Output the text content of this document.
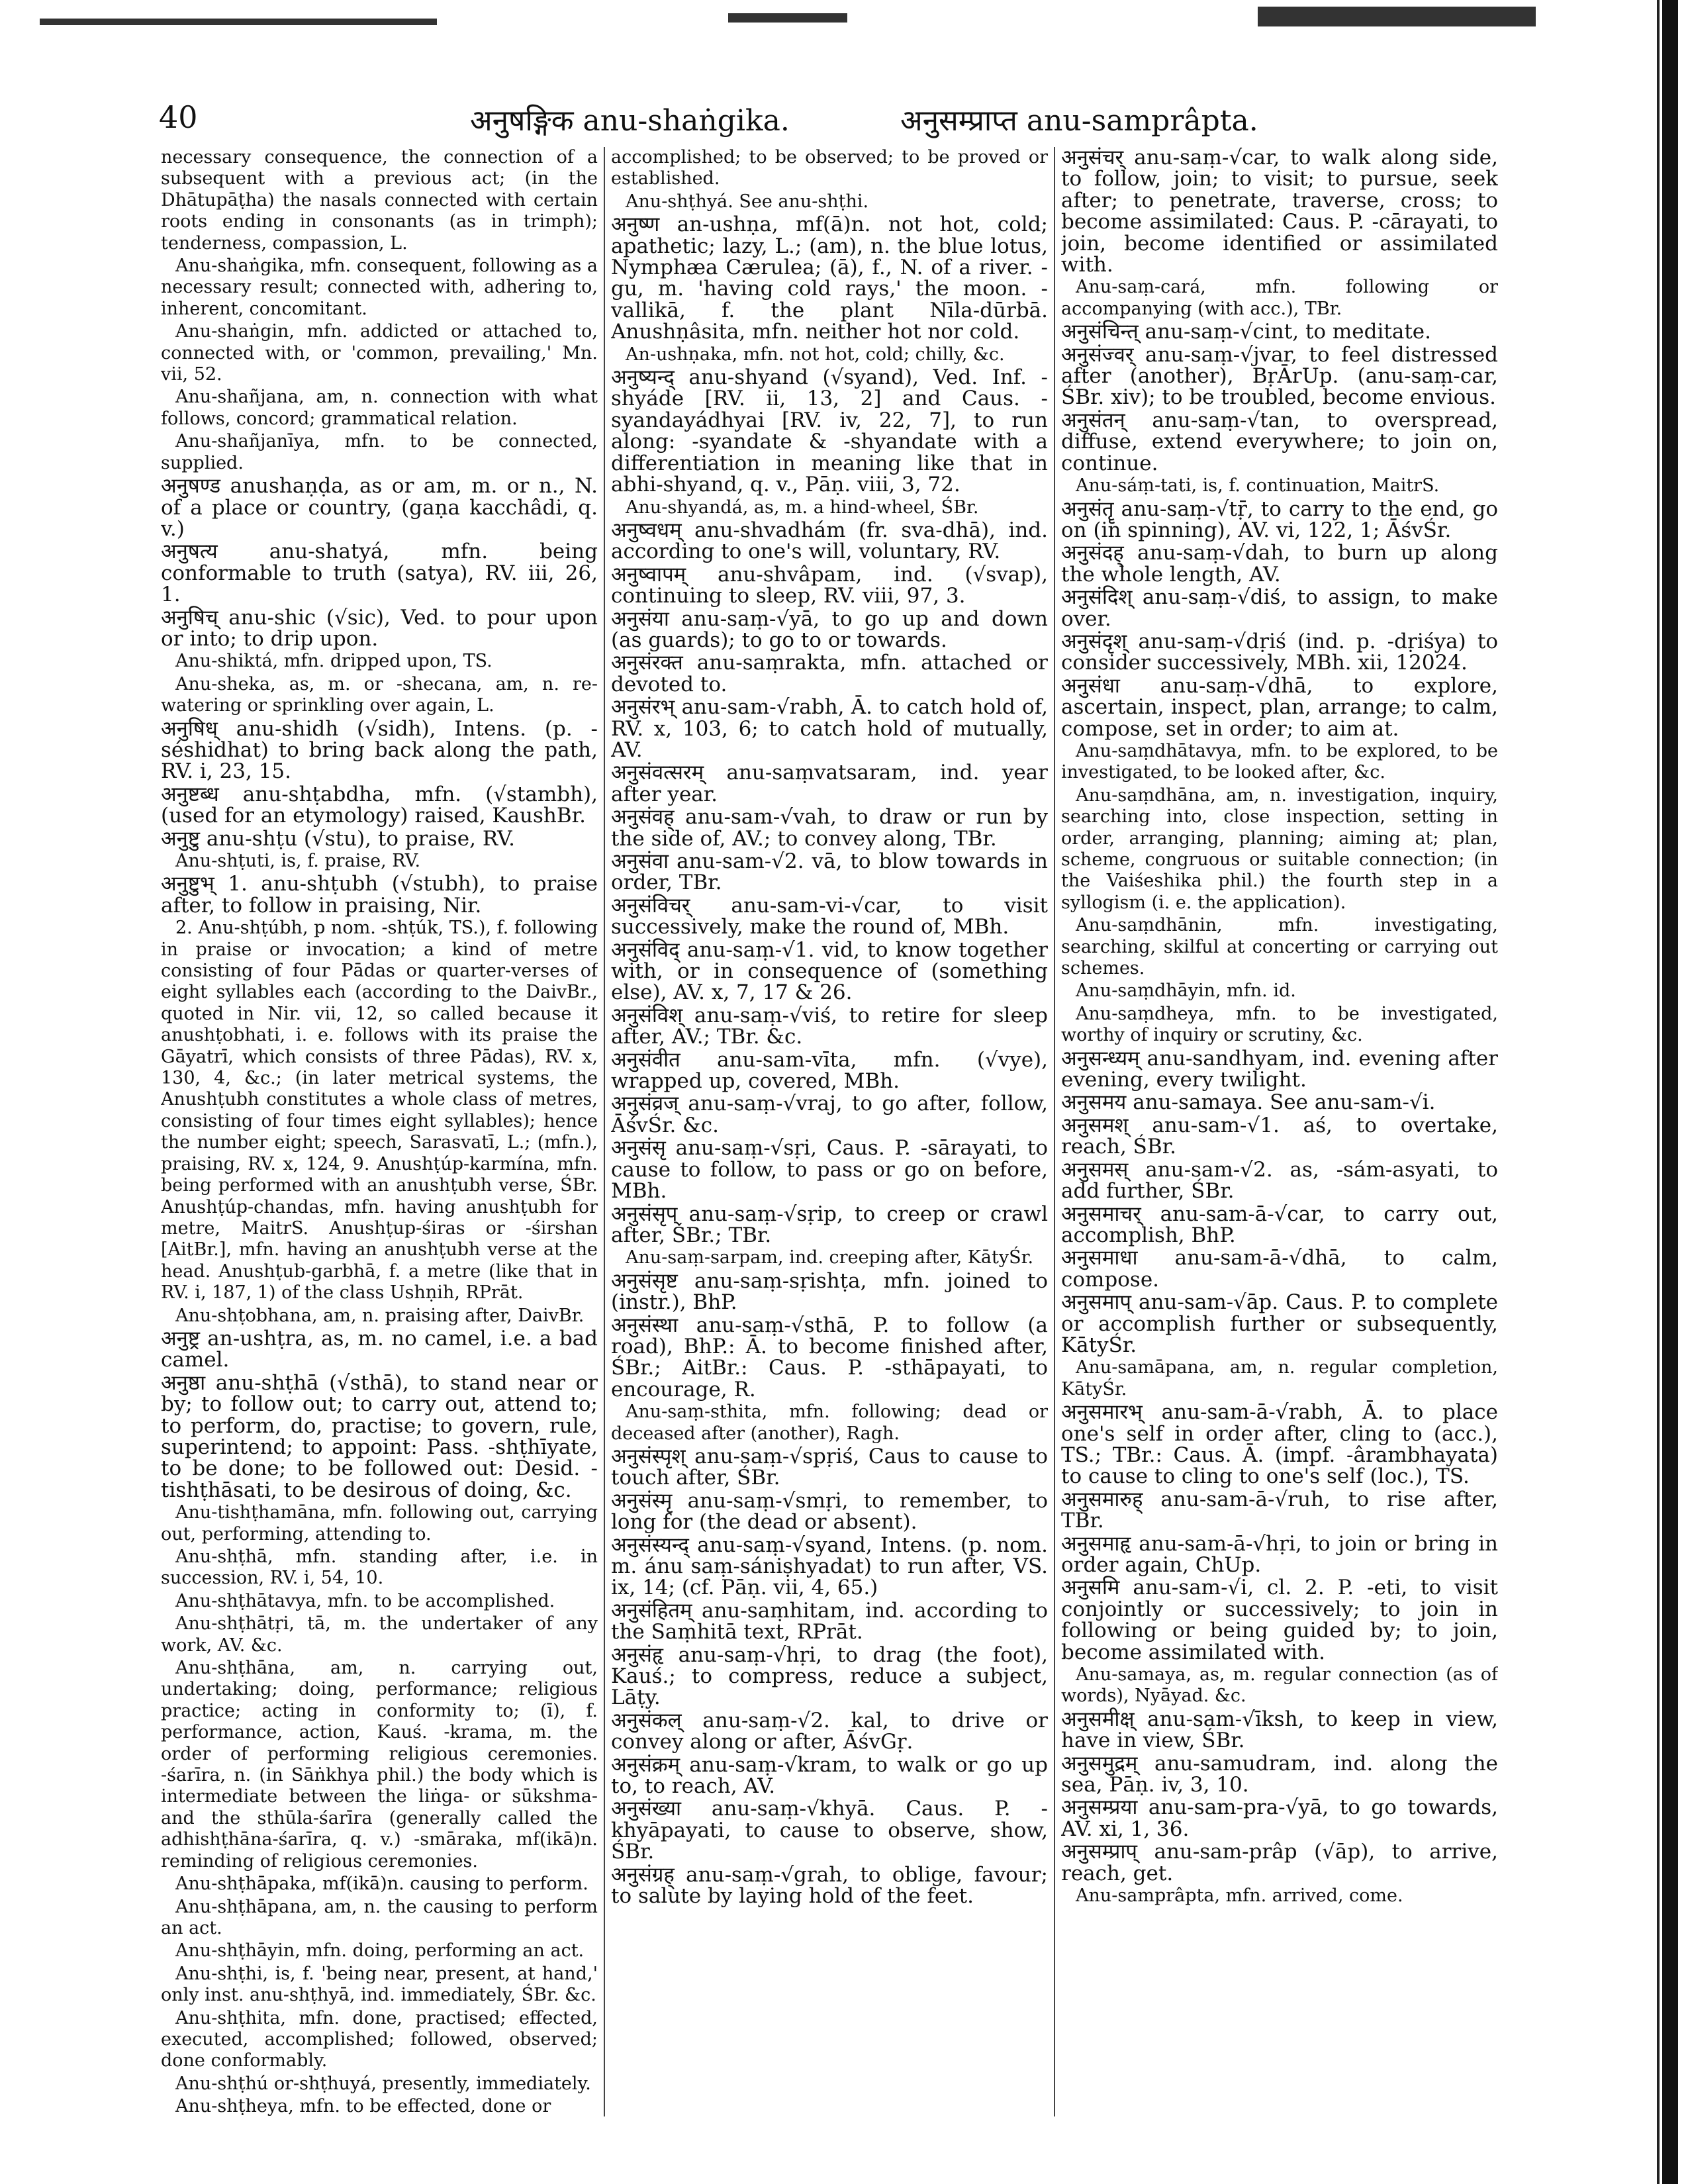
40	अनुषङ्गिक anu-shaṅgika.	अनुसम्प्राप्त anu-samprâpta.
necessary consequence, the connection of a subsequent with a previous act; (in the Dhātupāṭha) the nasals connected with certain roots ending in consonants (as in trimph); tenderness, compassion, L.
Anu-shaṅgika, mfn. consequent, following as a necessary result; connected with, adhering to, inherent, concomitant.
Anu-shaṅgin, mfn. addicted or attached to, connected with, or 'common, prevailing,' Mn. vii, 52.
Anu-shañjana, am, n. connection with what follows, concord; grammatical relation.
Anu-shañjanīya, mfn. to be connected, supplied.
अनुषण्ड anushaṇḍa, as or am, m. or n., N. of a place or country, (gaṇa kacchâdi, q. v.)
अनुषत्य anu-shatyá, mfn. being conformable to truth (satya), RV. iii, 26, 1.
अनुषिच् anu-shic (√sic), Ved. to pour upon or into; to drip upon.
Anu-shiktá, mfn. dripped upon, TS.
Anu-sheka, as, m. or -shecana, am, n. re-watering or sprinkling over again, L.
अनुषिध् anu-shidh (√sidh), Intens. (p. -séshidhat) to bring back along the path, RV. i, 23, 15.
अनुष्टब्ध anu-shṭabdha, mfn. (√stambh), (used for an etymology) raised, KaushBr.
अनुष्टु anu-shṭu (√stu), to praise, RV.
Anu-shṭuti, is, f. praise, RV.
अनुष्टुभ् 1. anu-shṭubh (√stubh), to praise after, to follow in praising, Nir.
2. Anu-shṭúbh, p nom. -shṭúk, TS.), f. following in praise or invocation; a kind of metre consisting of four Pādas or quarter-verses of eight syllables each (according to the DaivBr., quoted in Nir. vii, 12, so called because it anushṭobhati, i. e. follows with its praise the Gāyatrī, which consists of three Pādas), RV. x, 130, 4, &c.; (in later metrical systems, the Anushṭubh constitutes a whole class of metres, consisting of four times eight syllables); hence the number eight; speech, Sarasvatī, L.; (mfn.), praising, RV. x, 124, 9. Anushṭúp-karmína, mfn. being performed with an anushṭubh verse, ŚBr. Anushṭúp-chandas, mfn. having anushṭubh for metre, MaitrS. Anushṭup-śiras or -śirshan [AitBr.], mfn. having an anushṭubh verse at the head. Anushṭub-garbhā, f. a metre (like that in RV. i, 187, 1) of the class Ushṇih, RPrāt.
Anu-shṭobhana, am, n. praising after, DaivBr.
अनुष्ट्र an-ushṭra, as, m. no camel, i.e. a bad camel.
अनुष्ठा anu-shṭhā (√sthā), to stand near or by; to follow out; to carry out, attend to; to perform, do, practise; to govern, rule, superintend; to appoint: Pass. -shṭhīyate, to be done; to be followed out: Desid. -tishṭhāsati, to be desirous of doing, &c.
Anu-tishṭhamāna, mfn. following out, carrying out, performing, attending to.
Anu-shṭhā, mfn. standing after, i.e. in succession, RV. i, 54, 10.
Anu-shṭhātavya, mfn. to be accomplished.
Anu-shṭhātṛi, tā, m. the undertaker of any work, AV. &c.
Anu-shṭhāna, am, n. carrying out, undertaking; doing, performance; religious practice; acting in conformity to; (ī), f. performance, action, Kauś. -krama, m. the order of performing religious ceremonies. -śarīra, n. (in Sāṅkhya phil.) the body which is intermediate between the liṅga- or sūkshma- and the sthūla-śarīra (generally called the adhishṭhāna-śarīra, q. v.) -smāraka, mf(ikā)n. reminding of religious ceremonies.
Anu-shṭhāpaka, mf(ikā)n. causing to perform.
Anu-shṭhāpana, am, n. the causing to perform an act.
Anu-shṭhāyin, mfn. doing, performing an act.
Anu-shṭhi, is, f. 'being near, present, at hand,' only inst. anu-shṭhyā, ind. immediately, ŚBr. &c.
Anu-shṭhita, mfn. done, practised; effected, executed, accomplished; followed, observed; done conformably.
Anu-shṭhú or-shṭhuyá, presently, immediately.
Anu-shṭheya, mfn. to be effected, done or
accomplished; to be observed; to be proved or established.
Anu-shṭhyá. See anu-shṭhi.
अनुष्ण an-ushṇa, mf(ā)n. not hot, cold; apathetic; lazy, L.; (am), n. the blue lotus, Nymphæa Cærulea; (ā), f., N. of a river. -gu, m. 'having cold rays,' the moon. -vallikā, f. the plant Nīla-dūrbā. Anushṇâsita, mfn. neither hot nor cold.
An-ushṇaka, mfn. not hot, cold; chilly, &c.
अनुष्यन्द् anu-shyand (√syand), Ved. Inf. -shyáde [RV. ii, 13, 2] and Caus. -syandayádhyai [RV. iv, 22, 7], to run along: -syandate & -shyandate with a differentiation in meaning like that in abhi-shyand, q. v., Pāṇ. viii, 3, 72.
Anu-shyandá, as, m. a hind-wheel, ŚBr.
अनुष्वधम् anu-shvadhám (fr. sva-dhā), ind. according to one's will, voluntary, RV.
अनुष्वापम् anu-shvâpam, ind. (√svap), continuing to sleep, RV. viii, 97, 3.
अनुसंया anu-saṃ-√yā, to go up and down (as guards); to go to or towards.
अनुसंरक्त anu-saṃrakta, mfn. attached or devoted to.
अनुसंरभ् anu-sam-√rabh, Ā. to catch hold of, RV. x, 103, 6; to catch hold of mutually, AV.
अनुसंवत्सरम् anu-saṃvatsaram, ind. year after year.
अनुसंवह् anu-sam-√vah, to draw or run by the side of, AV.; to convey along, TBr.
अनुसंवा anu-sam-√2. vā, to blow towards in order, TBr.
अनुसंविचर् anu-sam-vi-√car, to visit successively, make the round of, MBh.
अनुसंविद् anu-saṃ-√1. vid, to know together with, or in consequence of (something else), AV. x, 7, 17 & 26.
अनुसंविश् anu-saṃ-√viś, to retire for sleep after, AV.; TBr. &c.
अनुसंवीत anu-sam-vīta, mfn. (√vye), wrapped up, covered, MBh.
अनुसंव्रज् anu-saṃ-√vraj, to go after, follow, ĀśvŚr. &c.
अनुसंसृ anu-saṃ-√sṛi, Caus. P. -sārayati, to cause to follow, to pass or go on before, MBh.
अनुसंसृप् anu-saṃ-√sṛip, to creep or crawl after, ŚBr.; TBr.
Anu-saṃ-sarpam, ind. creeping after, KātyŚr.
अनुसंसृष्ट anu-saṃ-sṛishṭa, mfn. joined to (instr.), BhP.
अनुसंस्था anu-saṃ-√sthā, P. to follow (a road), BhP.: Ā. to become finished after, ŚBr.; AitBr.: Caus. P. -sthāpayati, to encourage, R.
Anu-saṃ-sthita, mfn. following; dead or deceased after (another), Ragh.
अनुसंस्पृश् anu-saṃ-√spṛiś, Caus to cause to touch after, ŚBr.
अनुसंस्मृ anu-saṃ-√smṛi, to remember, to long for (the dead or absent).
अनुसंस्यन्द् anu-saṃ-√syand, Intens. (p. nom. m. ánu saṃ-sániṣhyadat) to run after, VS. ix, 14; (cf. Pāṇ. vii, 4, 65.)
अनुसंहितम् anu-saṃhitam, ind. according to the Saṃhitā text, RPrāt.
अनुसंहृ anu-saṃ-√hṛi, to drag (the foot), Kauś.; to compress, reduce a subject, Lāṭy.
अनुसंकल् anu-saṃ-√2. kal, to drive or convey along or after, ĀśvGṛ.
अनुसंक्रम् anu-saṃ-√kram, to walk or go up to, to reach, AV.
अनुसंख्या anu-saṃ-√khyā. Caus. P. -khyāpayati, to cause to observe, show, ŚBr.
अनुसंग्रह् anu-saṃ-√grah, to oblige, favour; to salute by laying hold of the feet.
अनुसंचर् anu-saṃ-√car, to walk along side, to follow, join; to visit; to pursue, seek after; to penetrate, traverse, cross; to become assimilated: Caus. P. -cārayati, to join, become identified or assimilated with.
Anu-saṃ-cará, mfn. following or accompanying (with acc.), TBr.
अनुसंचिन्त् anu-saṃ-√cint, to meditate.
अनुसंज्वर् anu-saṃ-√jvar, to feel distressed after (another), BṛĀrUp. (anu-saṃ-car, ŚBr. xiv); to be troubled, become envious.
अनुसंतन् anu-saṃ-√tan, to overspread, diffuse, extend everywhere; to join on, continue.
Anu-sáṃ-tati, is, f. continuation, MaitrS.
अनुसंतॄ anu-saṃ-√tṝ, to carry to the end, go on (in spinning), AV. vi, 122, 1; ĀśvŚr.
अनुसंदह् anu-saṃ-√dah, to burn up along the whole length, AV.
अनुसंदिश् anu-saṃ-√diś, to assign, to make over.
अनुसंदृश् anu-saṃ-√dṛiś (ind. p. -dṛiśya) to consider successively, MBh. xii, 12024.
अनुसंधा anu-saṃ-√dhā, to explore, ascertain, inspect, plan, arrange; to calm, compose, set in order; to aim at.
Anu-saṃdhātavya, mfn. to be explored, to be investigated, to be looked after, &c.
Anu-saṃdhāna, am, n. investigation, inquiry, searching into, close inspection, setting in order, arranging, planning; aiming at; plan, scheme, congruous or suitable connection; (in the Vaiśeshika phil.) the fourth step in a syllogism (i. e. the application).
Anu-saṃdhānin, mfn. investigating, searching, skilful at concerting or carrying out schemes.
Anu-saṃdhāyin, mfn. id.
Anu-saṃdheya, mfn. to be investigated, worthy of inquiry or scrutiny, &c.
अनुसन्ध्यम् anu-sandhyam, ind. evening after evening, every twilight.
अनुसमय anu-samaya. See anu-sam-√i.
अनुसमश् anu-sam-√1. aś, to overtake, reach, ŚBr.
अनुसमस् anu-sam-√2. as, -sám-asyati, to add further, ŚBr.
अनुसमाचर् anu-sam-ā-√car, to carry out, accomplish, BhP.
अनुसमाधा anu-sam-ā-√dhā, to calm, compose.
अनुसमाप् anu-sam-√āp. Caus. P. to complete or accomplish further or subsequently, KātyŚr.
Anu-samāpana, am, n. regular completion, KātyŚr.
अनुसमारभ् anu-sam-ā-√rabh, Ā. to place one's self in order after, cling to (acc.), TS.; TBr.: Caus. Ā. (impf. -ârambhayata) to cause to cling to one's self (loc.), TS.
अनुसमारुह् anu-sam-ā-√ruh, to rise after, TBr.
अनुसमाहृ anu-sam-ā-√hṛi, to join or bring in order again, ChUp.
अनुसमि anu-sam-√i, cl. 2. P. -eti, to visit conjointly or successively; to join in following or being guided by; to join, become assimilated with.
Anu-samaya, as, m. regular connection (as of words), Nyāyad. &c.
अनुसमीक्ष् anu-sam-√īksh, to keep in view, have in view, ŚBr.
अनुसमुद्रम् anu-samudram, ind. along the sea, Pāṇ. iv, 3, 10.
अनुसम्प्रया anu-sam-pra-√yā, to go towards, AV. xi, 1, 36.
अनुसम्प्राप् anu-sam-prâp (√āp), to arrive, reach, get.
Anu-samprâpta, mfn. arrived, come.
